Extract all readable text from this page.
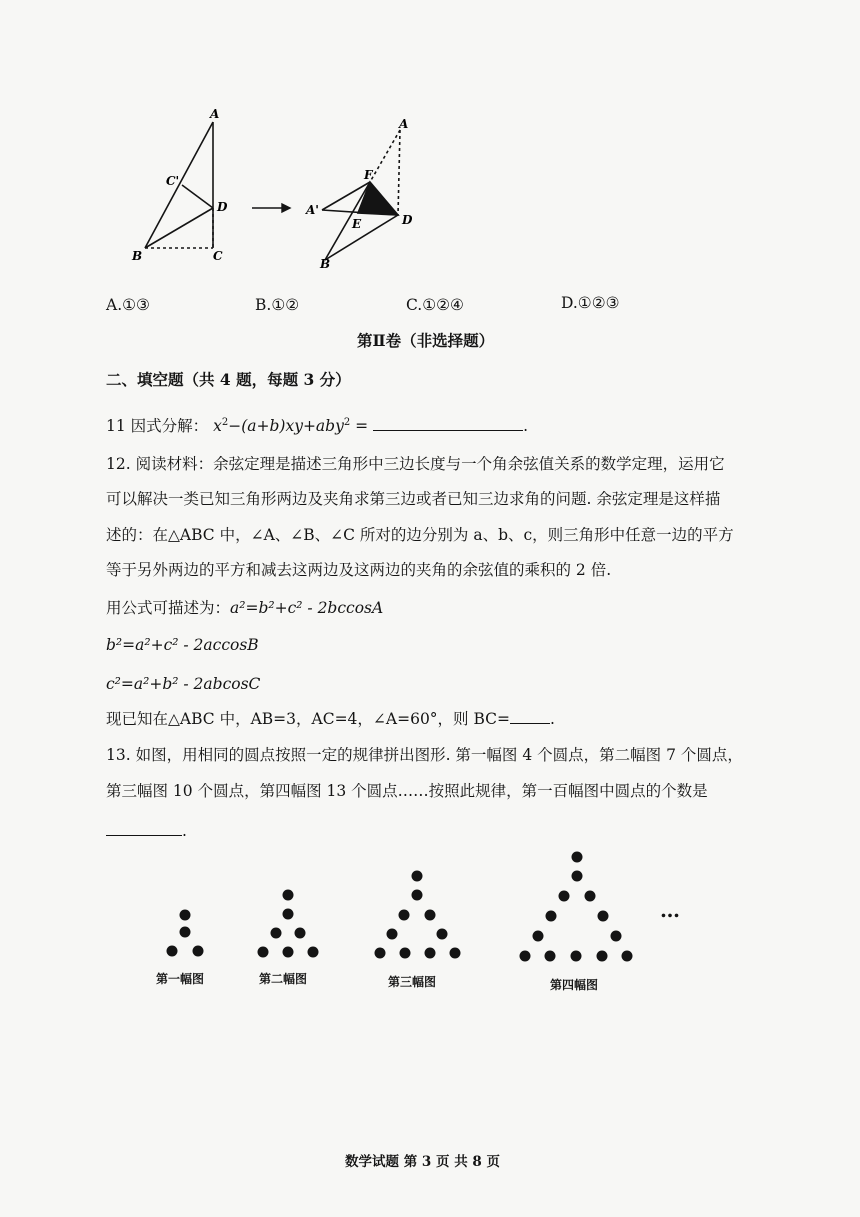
A
C'
D
B	C
A
F
A'
E	D
B
A.①③	B.①②	C.①②④	D.①②③
第Ⅱ卷（非选择题）
二、填空题（共 4 题，每题 3 分）
11 因式分解： $x^2-(a+b)xy+aby^2$ =	.
12. 阅读材料：余弦定理是描述三角形中三边长度与一个角余弦值关系的数学定理，运用它
可以解决一类已知三角形两边及夹角求第三边或者已知三边求角的问题. 余弦定理是这样描
述的：在△ABC 中，∠A、∠B、∠C 所对的边分别为 a、b、c，则三角形中任意一边的平方
等于另外两边的平方和减去这两边及这两边的夹角的余弦值的乘积的 2 倍.
用公式可描述为：a²=b²+c² - 2bccosA
b²=a²+c² - 2accosB
c²=a²+b² - 2abcosC
现已知在△ABC 中，AB=3，AC=4，∠A=60°，则 BC=	.
13. 如图，用相同的圆点按照一定的规律拼出图形. 第一幅图 4 个圆点，第二幅图 7 个圆点，
第三幅图 10 个圆点，第四幅图 13 个圆点……按照此规律，第一百幅图中圆点的个数是
.
…
第一幅图	第二幅图	第三幅图	第四幅图
数学试题 第 3 页 共 8 页
